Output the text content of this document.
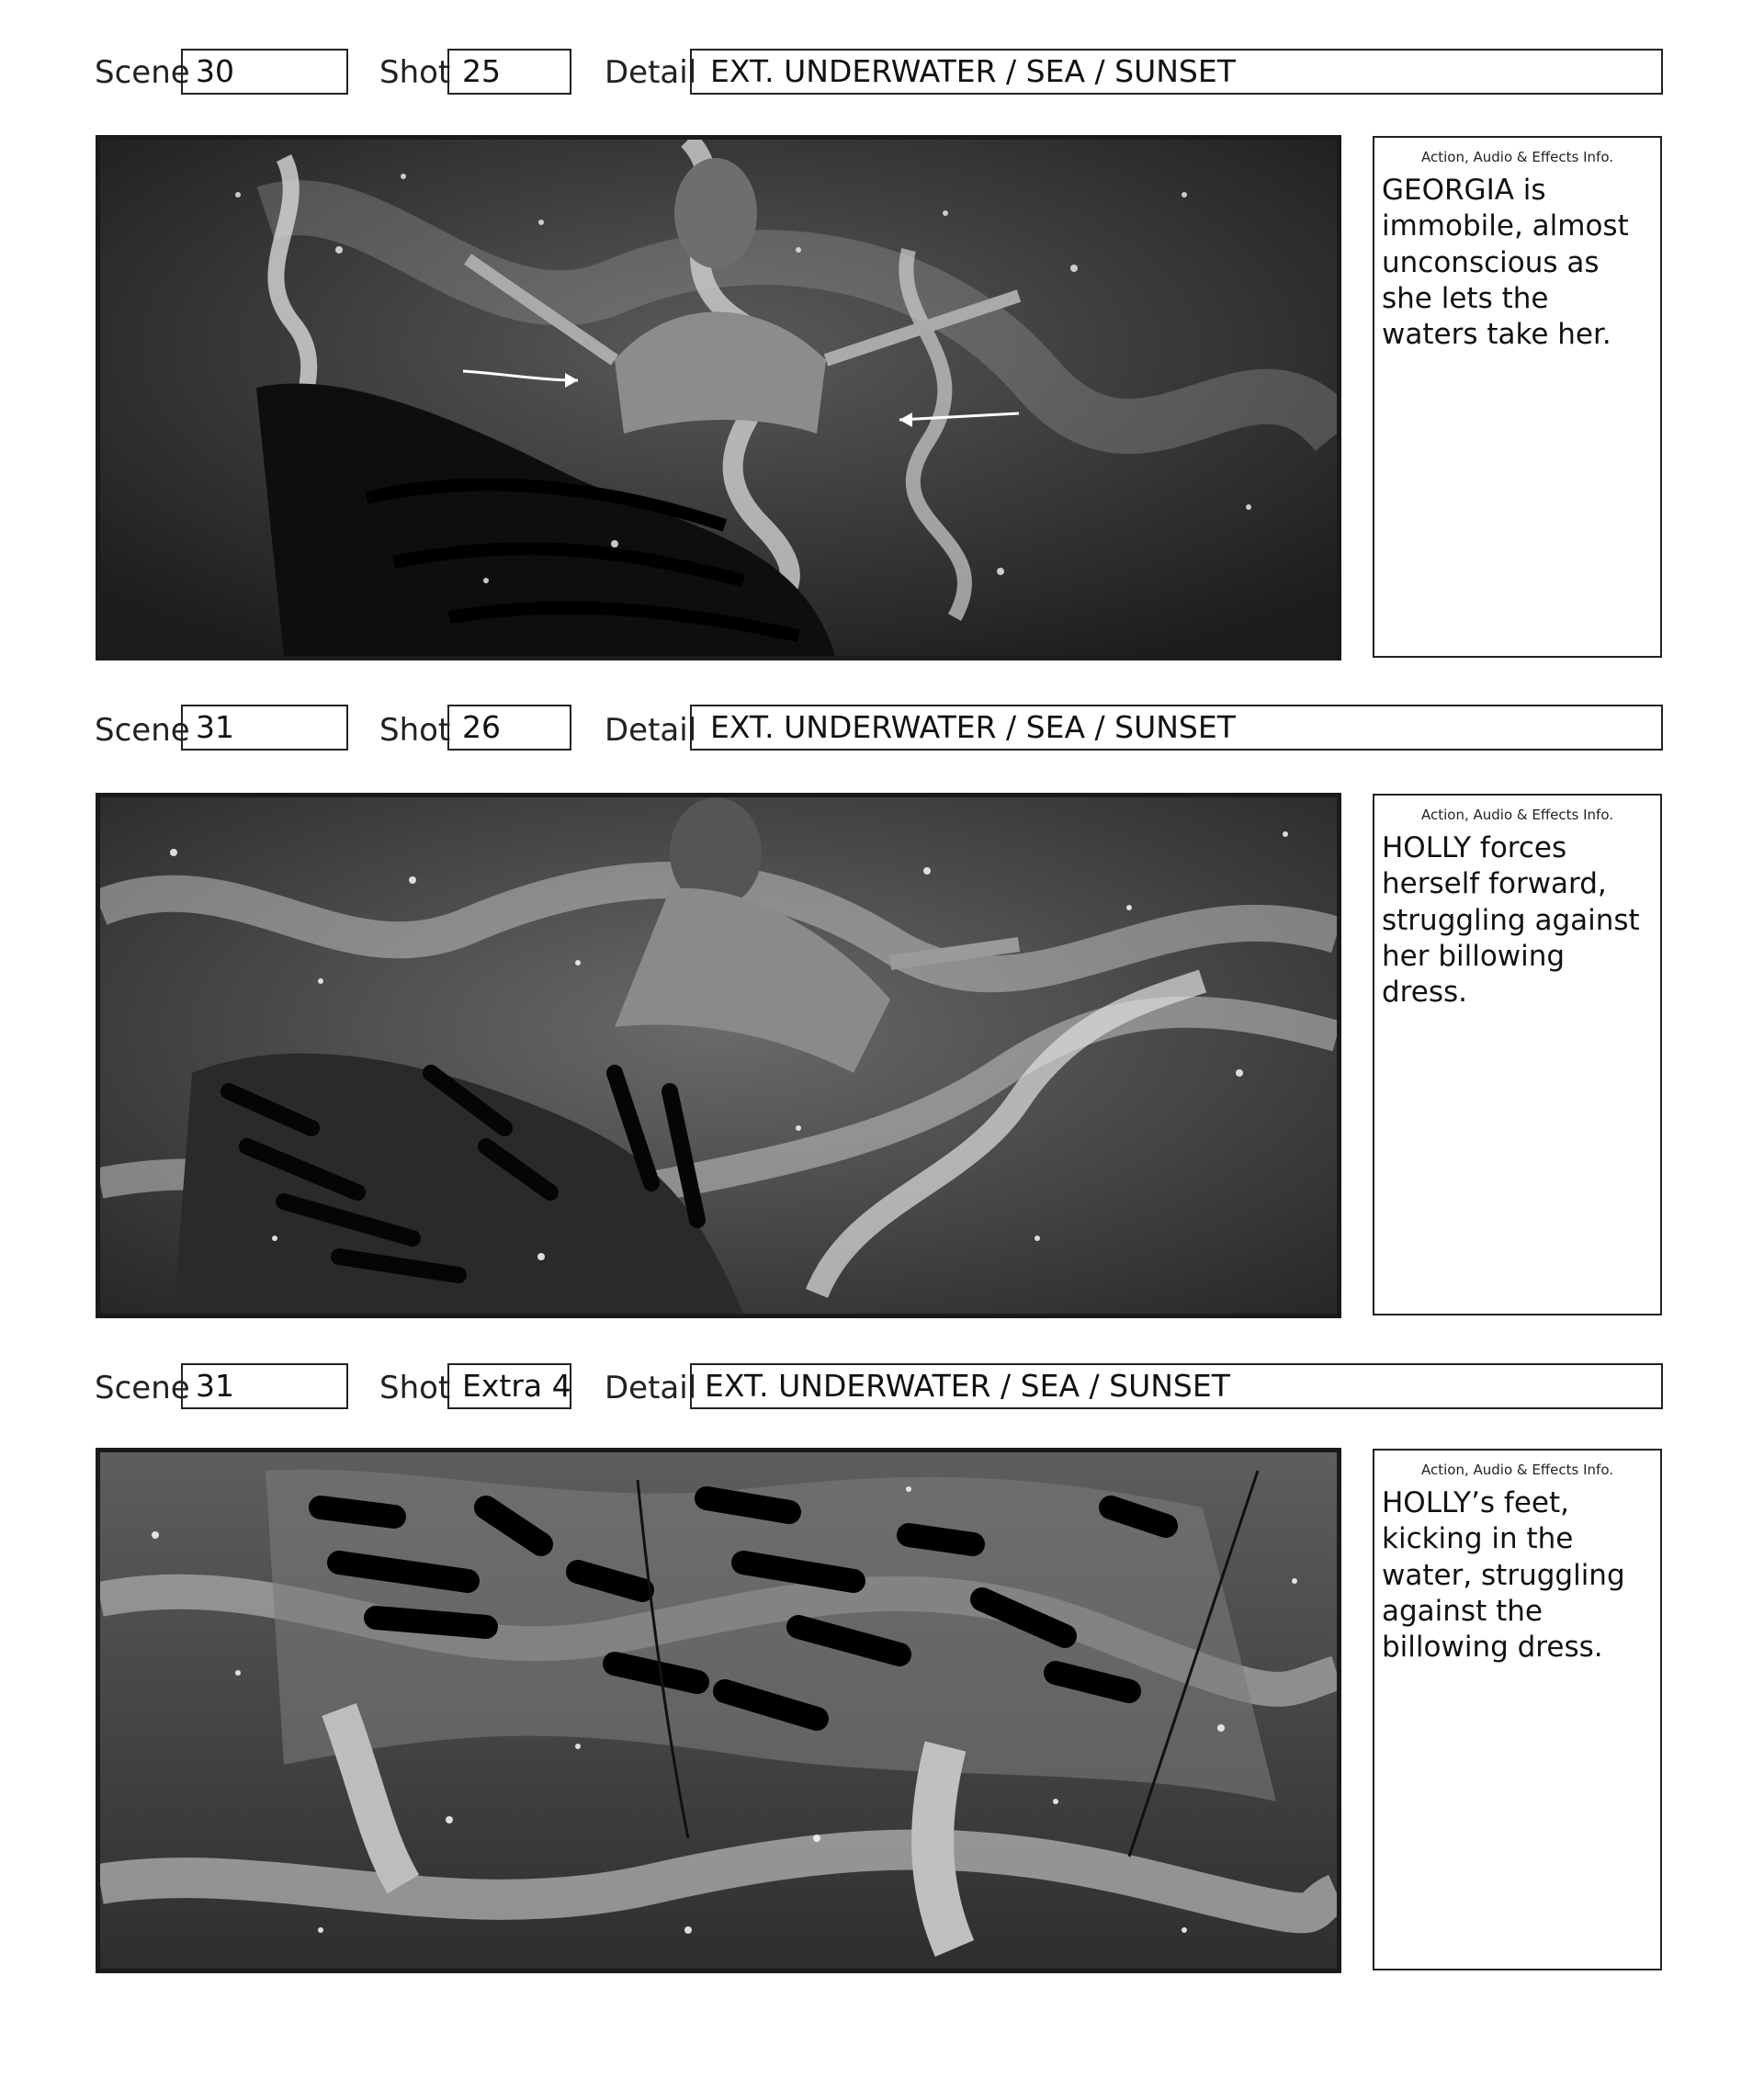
Scene 30	Shot 25	Detail EXT. UNDERWATER / SEA / SUNSET
Action, Audio & Effects Info.
GEORGIA is immobile, almost unconscious as she lets the waters take her.
Scene 31	Shot 26	Detail EXT. UNDERWATER / SEA / SUNSET
Action, Audio & Effects Info.
HOLLY forces herself forward, struggling against her billowing dress.
Scene 31	Shot Extra 4 Detail EXT. UNDERWATER / SEA / SUNSET
Action, Audio & Effects Info.
HOLLY’s feet, kicking in the water, struggling against the billowing dress.
